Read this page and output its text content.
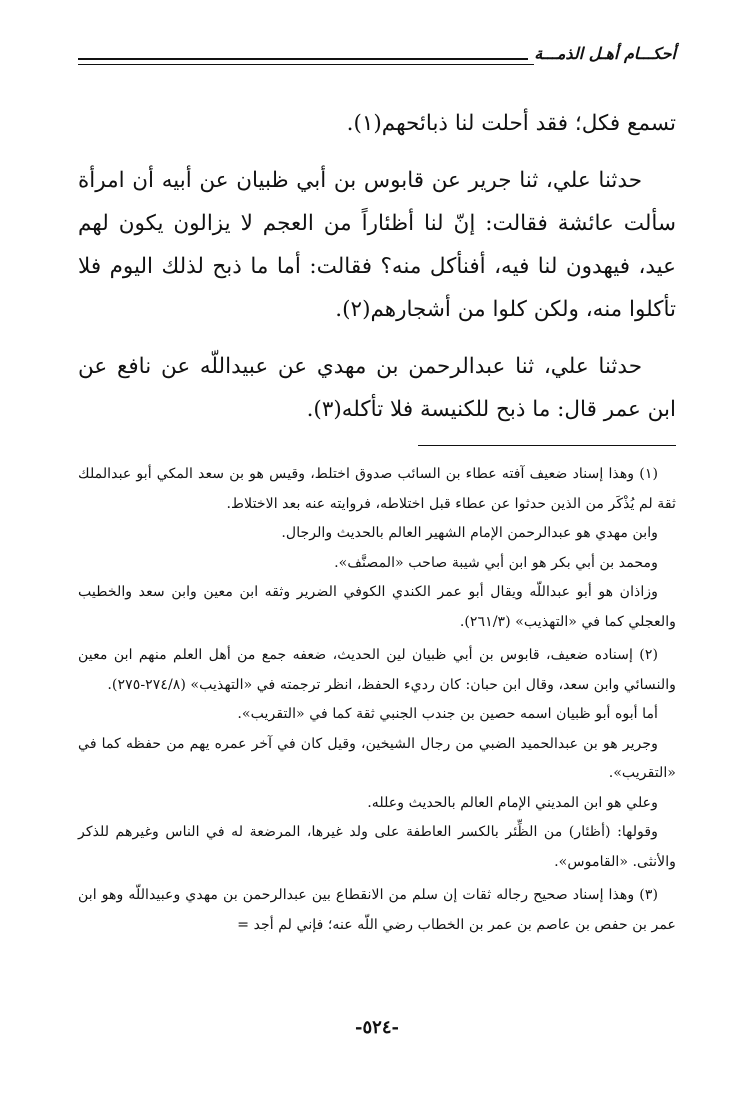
أحكـــام أهـل الذمـــة

تسمع فكل؛ فقد أحلت لنا ذبائحهم(١).

حدثنا علي، ثنا جرير عن قابوس بن أبي ظبيان عن أبيه أن امرأة سألت عائشة فقالت: إنّ لنا أظئاراً من العجم لا يزالون يكون لهم عيد، فيهدون لنا فيه، أفنأكل منه؟ فقالت: أما ما ذبح لذلك اليوم فلا تأكلوا منه، ولكن كلوا من أشجارهم(٢).

حدثنا علي، ثنا عبدالرحمن بن مهدي عن عبيداللّه عن نافع عن ابن عمر قال: ما ذبح للكنيسة فلا تأكله(٣).

(١) وهذا إسناد ضعيف آفته عطاء بن السائب صدوق اختلط، وقيس هو بن سعد المكي أبو عبدالملك ثقة لم يُذْكَر من الذين حدثوا عن عطاء قبل اختلاطه، فروايته عنه بعد الاختلاط.

وابن مهدي هو عبدالرحمن الإمام الشهير العالم بالحديث والرجال.

ومحمد بن أبي بكر هو ابن أبي شيبة صاحب «المصنَّف».

وزاذان هو أبو عبداللّه ويقال أبو عمر الكندي الكوفي الضرير وثقه ابن معين وابن سعد والخطيب والعجلي كما في «التهذيب» (٢٦١/٣).

(٢) إسناده ضعيف، قابوس بن أبي ظبيان لين الحديث، ضعفه جمع من أهل العلم منهم ابن معين والنسائي وابن سعد، وقال ابن حبان: كان رديء الحفظ، انظر ترجمته في «التهذيب» (٢٧٤/٨-٢٧٥).

أما أبوه أبو ظبيان اسمه حصين بن جندب الجنبي ثقة كما في «التقريب».

وجرير هو بن عبدالحميد الضبي من رجال الشيخين، وقيل كان في آخر عمره يهم من حفظه كما في «التقريب».

وعلي هو ابن المديني الإمام العالم بالحديث وعلله.

وقولها: (أظئار) من الظِّئر بالكسر العاطفة على ولد غيرها، المرضعة له في الناس وغيرهم للذكر والأنثى. «القاموس».

(٣) وهذا إسناد صحيح رجاله ثقات إن سلم من الانقطاع بين عبدالرحمن بن مهدي وعبيداللّه وهو ابن عمر بن حفص بن عاصم بن عمر بن الخطاب رضي اللّه عنه؛ فإني لم أجد =

-٥٢٤-
